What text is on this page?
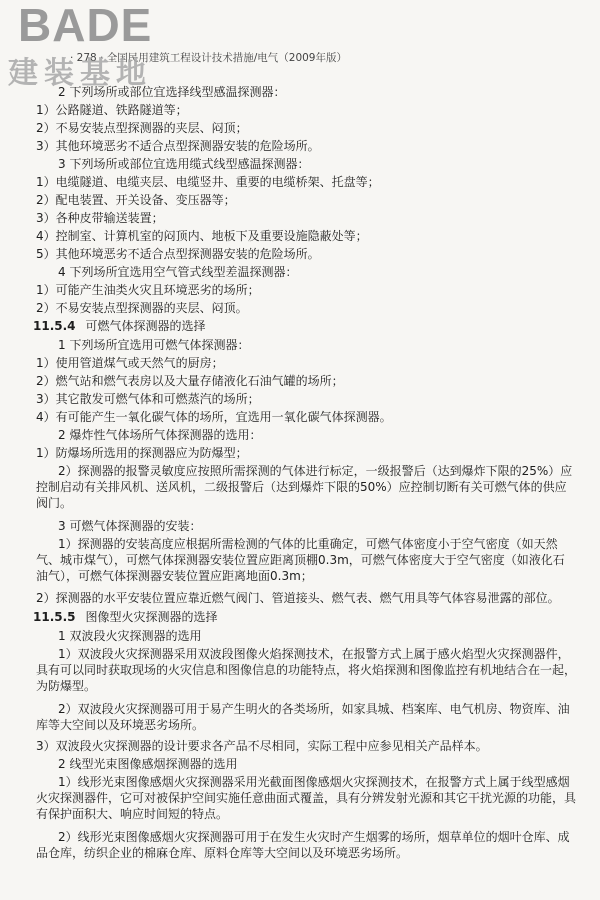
BADE
· 278 · 全国民用建筑工程设计技术措施/电气（2009年版）
建装基地
2 下列场所或部位宜选择线型感温探测器：
1）公路隧道、铁路隧道等；
2）不易安装点型探测器的夹层、闷顶；
3）其他环境恶劣不适合点型探测器安装的危险场所。
3 下列场所或部位宜选用缆式线型感温探测器：
1）电缆隧道、电缆夹层、电缆竖井、重要的电缆桥架、托盘等；
2）配电装置、开关设备、变压器等；
3）各种皮带输送装置；
4）控制室、计算机室的闷顶内、地板下及重要设施隐蔽处等；
5）其他环境恶劣不适合点型探测器安装的危险场所。
4 下列场所宜选用空气管式线型差温探测器：
1）可能产生油类火灾且环境恶劣的场所；
2）不易安装点型探测器的夹层、闷顶。
11.5.4 可燃气体探测器的选择
1 下列场所宜选用可燃气体探测器：
1）使用管道煤气或天然气的厨房；
2）燃气站和燃气表房以及大量存储液化石油气罐的场所；
3）其它散发可燃气体和可燃蒸汽的场所；
4）有可能产生一氧化碳气体的场所，宜选用一氧化碳气体探测器。
2 爆炸性气体场所气体探测器的选用：
1）防爆场所选用的探测器应为防爆型；
2）探测器的报警灵敏度应按照所需探测的气体进行标定，一级报警后（达到爆炸下限的25%）应控制启动有关排风机、送风机，二级报警后（达到爆炸下限的50%）应控制切断有关可燃气体的供应阀门。
3 可燃气体探测器的安装：
1）探测器的安装高度应根据所需检测的气体的比重确定，可燃气体密度小于空气密度（如天然气、城市煤气），可燃气体探测器安装位置应距离顶棚0.3m，可燃气体密度大于空气密度（如液化石油气），可燃气体探测器安装位置应距离地面0.3m；
2）探测器的水平安装位置应靠近燃气阀门、管道接头、燃气表、燃气用具等气体容易泄露的部位。
11.5.5 图像型火灾探测器的选择
1 双波段火灾探测器的选用
1）双波段火灾探测器采用双波段图像火焰探测技术，在报警方式上属于感火焰型火灾探测器件，具有可以同时获取现场的火灾信息和图像信息的功能特点，将火焰探测和图像监控有机地结合在一起，为防爆型。
2）双波段火灾探测器可用于易产生明火的各类场所，如家具城、档案库、电气机房、物资库、油库等大空间以及环境恶劣场所。
3）双波段火灾探测器的设计要求各产品不尽相同，实际工程中应参见相关产品样本。
2 线型光束图像感烟探测器的选用
1）线形光束图像感烟火灾探测器采用光截面图像感烟火灾探测技术，在报警方式上属于线型感烟火灾探测器件，它可对被保护空间实施任意曲面式覆盖，具有分辨发射光源和其它干扰光源的功能，具有保护面积大、响应时间短的特点。
2）线形光束图像感烟火灾探测器可用于在发生火灾时产生烟雾的场所，烟草单位的烟叶仓库、成品仓库，纺织企业的棉麻仓库、原料仓库等大空间以及环境恶劣场所。
